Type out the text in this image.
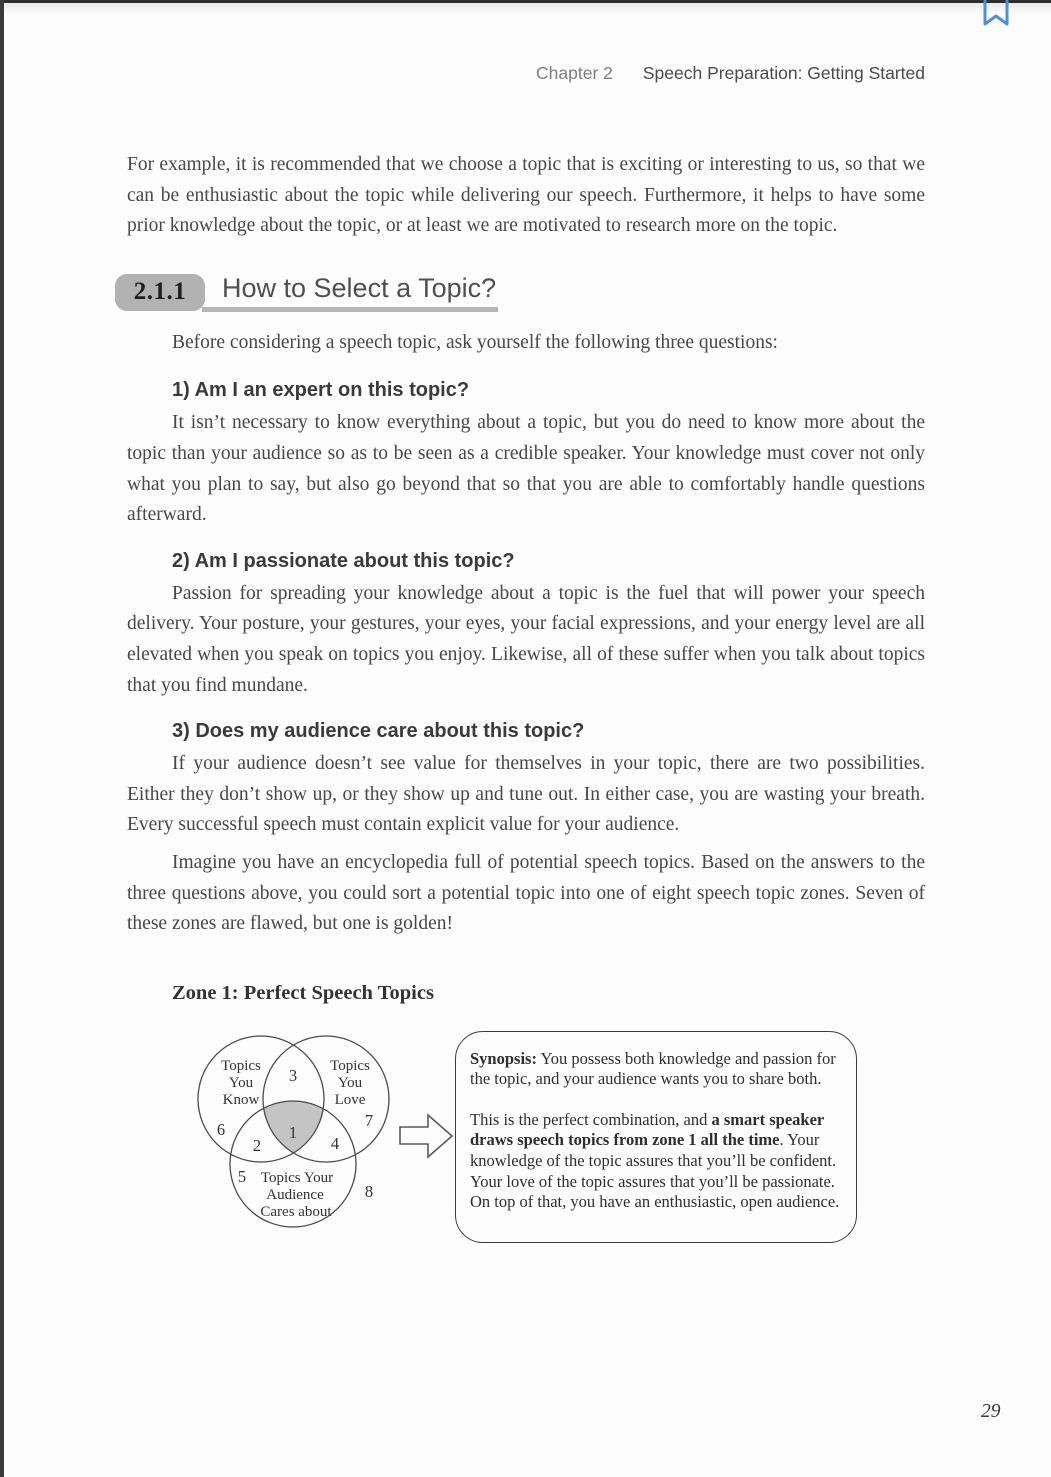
Chapter 2 Speech Preparation: Getting Started

For example, it is recommended that we choose a topic that is exciting or interesting to us, so that we can be enthusiastic about the topic while delivering our speech. Furthermore, it helps to have some prior knowledge about the topic, or at least we are motivated to research more on the topic.

2.1.1	How to Select a Topic?

Before considering a speech topic, ask yourself the following three questions:

1) Am I an expert on this topic?

It isn’t necessary to know everything about a topic, but you do need to know more about the topic than your audience so as to be seen as a credible speaker. Your knowledge must cover not only what you plan to say, but also go beyond that so that you are able to comfortably handle questions afterward.

2) Am I passionate about this topic?

Passion for spreading your knowledge about a topic is the fuel that will power your speech delivery. Your posture, your gestures, your eyes, your facial expressions, and your energy level are all elevated when you speak on topics you enjoy. Likewise, all of these suffer when you talk about topics that you find mundane.

3) Does my audience care about this topic?

If your audience doesn’t see value for themselves in your topic, there are two possibilities. Either they don’t show up, or they show up and tune out. In either case, you are wasting your breath. Every successful speech must contain explicit value for your audience.

Imagine you have an encyclopedia full of potential speech topics. Based on the answers to the three questions above, you could sort a potential topic into one of eight speech topic zones. Seven of these zones are flawed, but one is golden!

Zone 1: Perfect Speech Topics
Topics
You
Know
Topics
You
Love
3
6	7
2
1
4
5
8
Topics Your
Audience
Cares about

Synopsis: You possess both knowledge and passion for the topic, and your audience wants you to share both.

This is the perfect combination, and a smart speaker draws speech topics from zone 1 all the time. Your knowledge of the topic assures that you’ll be confident. Your love of the topic assures that you’ll be passionate. On top of that, you have an enthusiastic, open audience.

29
